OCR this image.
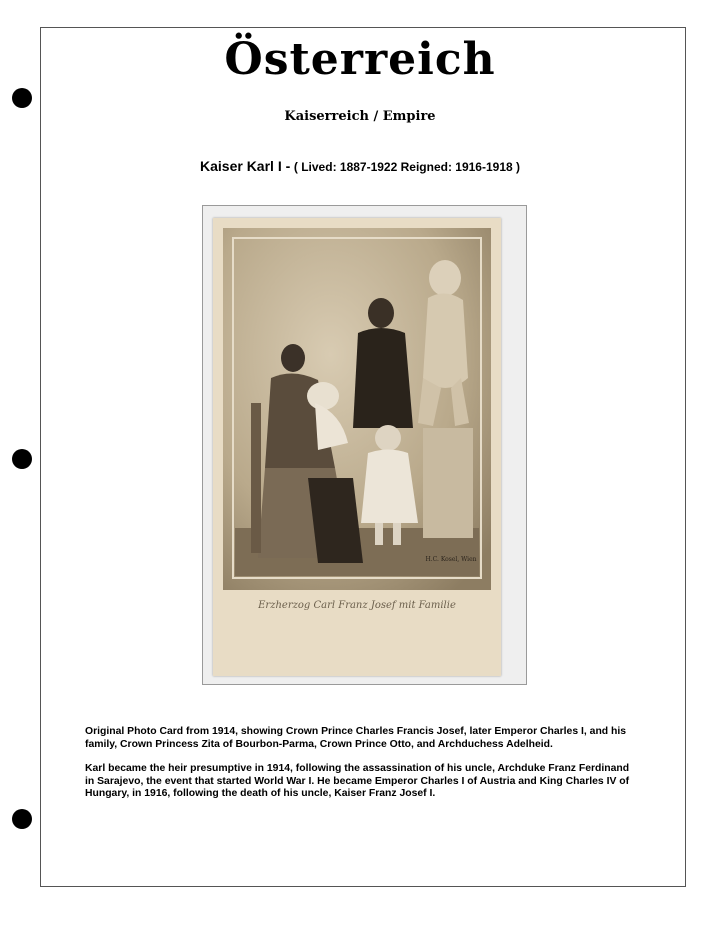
Österreich
Kaiserreich / Empire
Kaiser Karl I - ( Lived: 1887-1922 Reigned: 1916-1918 )
H.C. Kosel, Wien
Erzherzog Carl Franz Josef mit Familie

Original Photo Card from 1914, showing Crown Prince Charles Francis Josef, later Emperor Charles I, and his family, Crown Princess Zita of Bourbon-Parma, Crown Prince Otto, and Archduchess Adelheid.

Karl became the heir presumptive in 1914, following the assassination of his uncle, Archduke Franz Ferdinand in Sarajevo, the event that started World War I. He became Emperor Charles I of Austria and King Charles IV of Hungary, in 1916, following the death of his uncle, Kaiser Franz Josef I.
